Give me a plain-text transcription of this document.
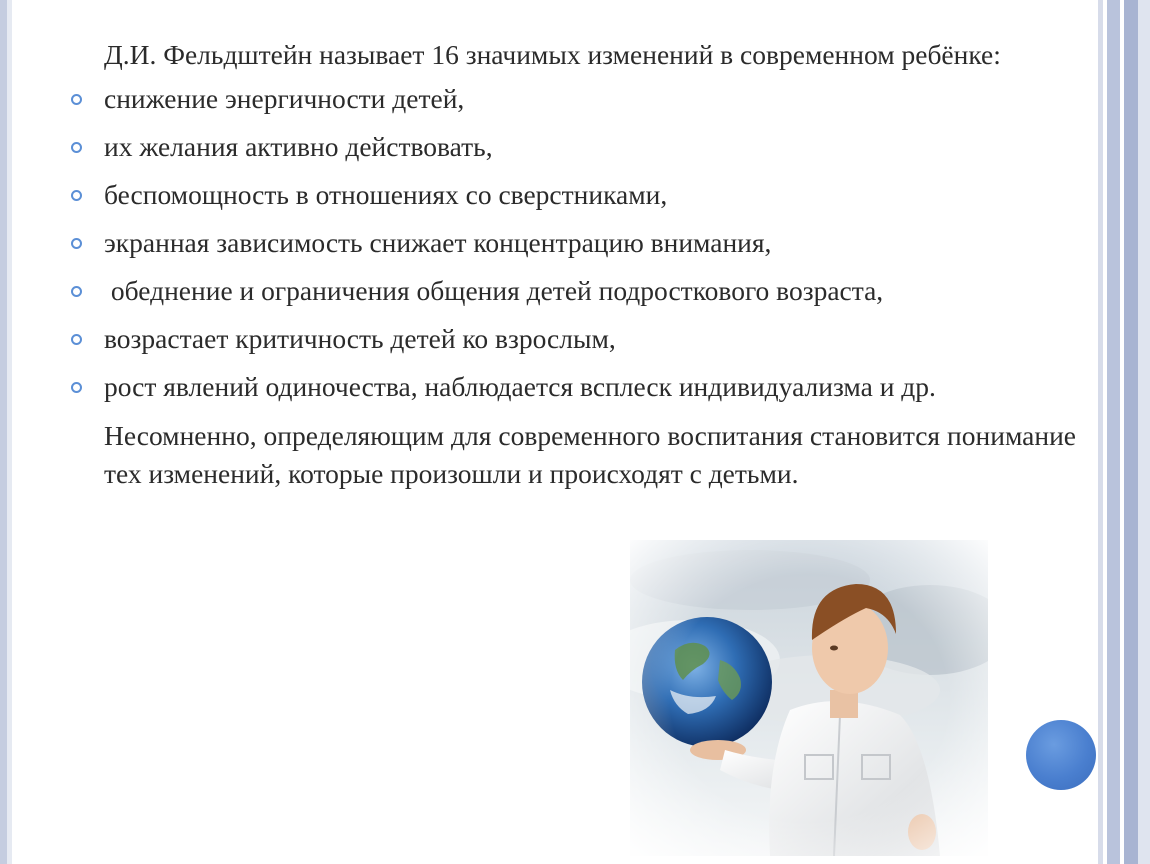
Д.И. Фельдштейн называет 16 значимых изменений в современном ребёнке:

снижение энергичности детей,
их желания активно действовать,
беспомощность в отношениях со сверстниками,
экранная зависимость снижает концентрацию внимания,
обеднение и ограничения общения детей подросткового возраста,
возрастает критичность детей ко взрослым,
рост явлений одиночества, наблюдается всплеск индивидуализма и др.

Несомненно, определяющим для современного воспитания становится понимание тех изменений, которые произошли и происходят с детьми.
